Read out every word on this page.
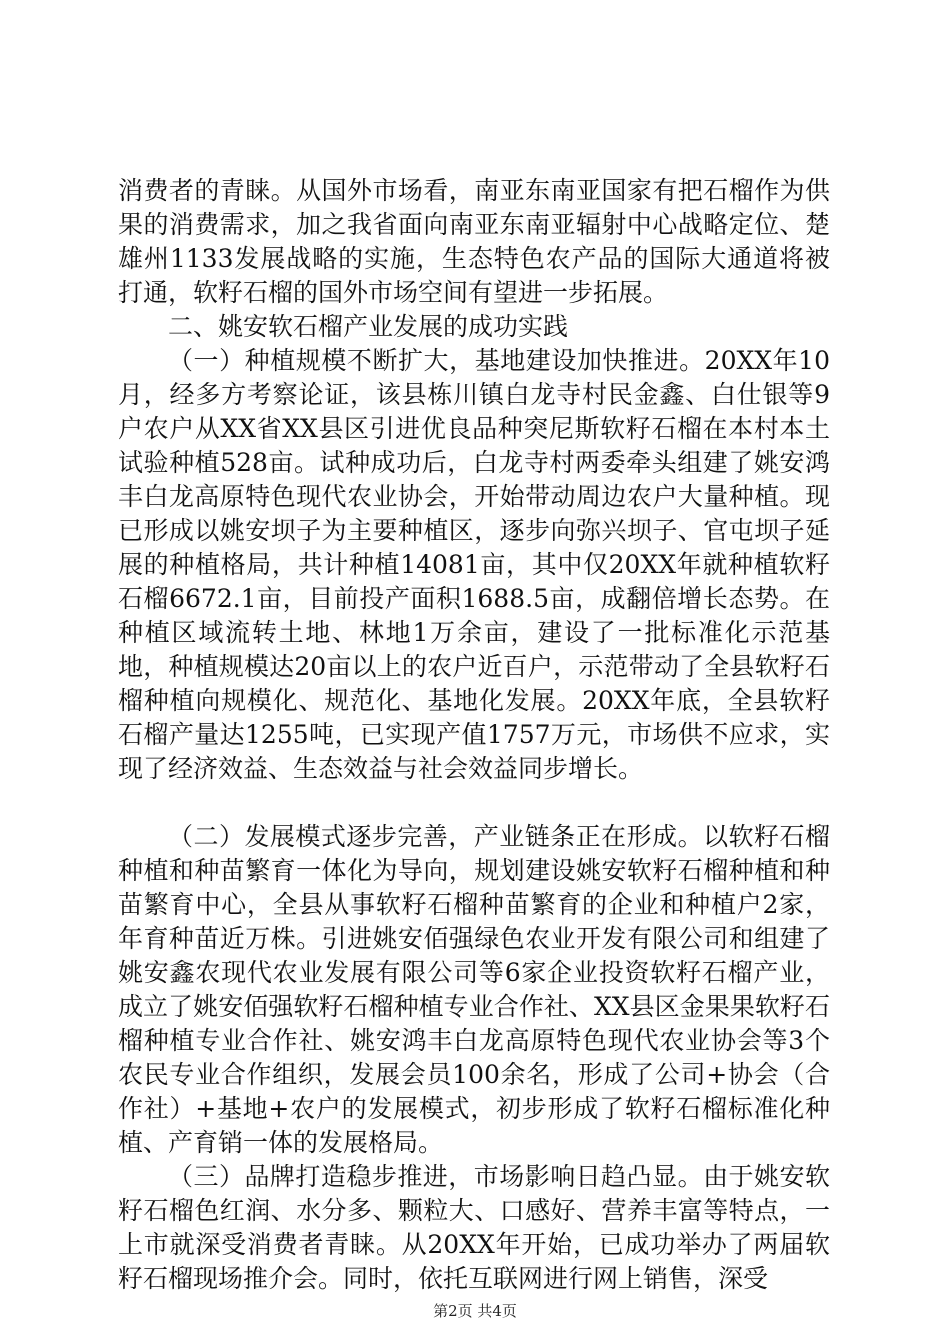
消费者的青睐。从国外市场看，南亚东南亚国家有把石榴作为供果的消费需求，加之我省面向南亚东南亚辐射中心战略定位、楚雄州1133发展战略的实施，生态特色农产品的国际大通道将被打通，软籽石榴的国外市场空间有望进一步拓展。

二、姚安软石榴产业发展的成功实践

（一）种植规模不断扩大，基地建设加快推进。20XX年10月，经多方考察论证，该县栋川镇白龙寺村民金鑫、白仕银等9户农户从XX省XX县区引进优良品种突尼斯软籽石榴在本村本土试验种植528亩。试种成功后，白龙寺村两委牵头组建了姚安鸿丰白龙高原特色现代农业协会，开始带动周边农户大量种植。现已形成以姚安坝子为主要种植区，逐步向弥兴坝子、官屯坝子延展的种植格局，共计种植14081亩，其中仅20XX年就种植软籽石榴6672.1亩，目前投产面积1688.5亩，成翻倍增长态势。在种植区域流转土地、林地1万余亩，建设了一批标准化示范基地，种植规模达20亩以上的农户近百户，示范带动了全县软籽石榴种植向规模化、规范化、基地化发展。20XX年底，全县软籽石榴产量达1255吨，已实现产值1757万元，市场供不应求，实现了经济效益、生态效益与社会效益同步增长。

（二）发展模式逐步完善，产业链条正在形成。以软籽石榴种植和种苗繁育一体化为导向，规划建设姚安软籽石榴种植和种苗繁育中心，全县从事软籽石榴种苗繁育的企业和种植户2家，年育种苗近万株。引进姚安佰强绿色农业开发有限公司和组建了姚安鑫农现代农业发展有限公司等6家企业投资软籽石榴产业，成立了姚安佰强软籽石榴种植专业合作社、XX县区金果果软籽石榴种植专业合作社、姚安鸿丰白龙高原特色现代农业协会等3个农民专业合作组织，发展会员100余名，形成了公司+协会（合作社）+基地+农户的发展模式，初步形成了软籽石榴标准化种植、产育销一体的发展格局。

（三）品牌打造稳步推进，市场影响日趋凸显。由于姚安软籽石榴色红润、水分多、颗粒大、口感好、营养丰富等特点，一上市就深受消费者青睐。从20XX年开始，已成功举办了两届软籽石榴现场推介会。同时，依托互联网进行网上销售，深受

第2页 共4页
